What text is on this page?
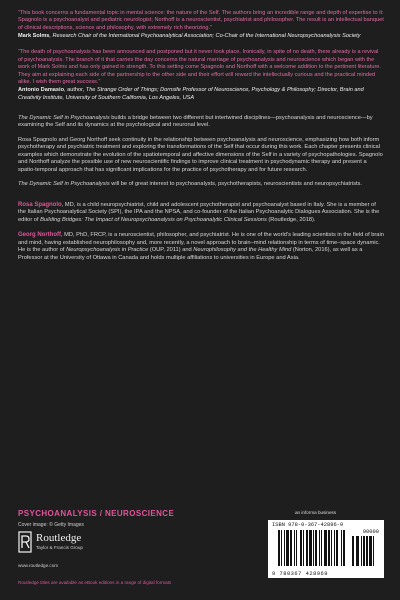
“This book concerns a fundamental topic in mental science: the nature of the Self. The authors bring an incredible range and depth of expertise to it: Spagnolo is a psychoanalyst and pediatric neurologist; Northoff is a neuroscientist, psychiatrist and philosopher. The result is an intellectual banquet of clinical descriptions, science and philosophy, with extremely rich theorizing.”

Mark Solms, Research Chair of the International Psychoanalytical Association; Co-Chair of the International Neuropsychoanalysis Society

“The death of psychoanalysis has been announced and postponed but it never took place. Ironically, in spite of no death, there already is a revival of psychoanalysis. The branch of it that carries the day concerns the natural marriage of psychoanalysis and neuroscience which began with the work of Mark Solms and has only gained in strength. To this setting come Spagnolo and Northoff with a welcome addition to the pertinent literature. They aim at explaining each side of the partnership to the other side and their effort will reward the intellectually curious and the practical minded alike. I wish them great success.”

Antonio Damasio, author, The Strange Order of Things; Dornsife Professor of Neuroscience, Psychology & Philosophy; Director, Brain and Creativity Institute, University of Southern California, Los Angeles, USA

The Dynamic Self in Psychoanalysis builds a bridge between two different but intertwined disciplines—psychoanalysis and neuroscience—by examining the Self and its dynamics at the psychological and neuronal level.

Rosa Spagnolo and Georg Northoff seek continuity in the relationship between psychoanalysis and neuroscience, emphasizing how both inform psychotherapy and psychiatric treatment and exploring the transformations of the Self that occur during this work. Each chapter presents clinical examples which demonstrate the evolution of the spatiotemporal and affective dimensions of the Self in a variety of psychopathologies. Spagnolo and Northoff analyze the possible use of new neuroscientific findings to improve clinical treatment in psychodynamic therapy and present a spatio-temporal approach that has significant implications for the practice of psychotherapy and for future research.

The Dynamic Self in Psychoanalysis will be of great interest to psychoanalysts, psychotherapists, neuroscientists and neuropsychiatrists.

Rosa Spagnolo, MD, is a child neuropsychiatrist, child and adolescent psychotherapist and psychoanalyst based in Italy. She is a member of the Italian Psychoanalytical Society (SPI), the IPA and the NPSA, and co-founder of the Italian Psychoanalytic Dialogues Association. She is the editor of Building Bridges: The Impact of Neuropsychoanalysis on Psychoanalytic Clinical Sessions (Routledge, 2018).

Georg Northoff, MD, PhD, FRCP, is a neuroscientist, philosopher, and psychiatrist. He is one of the world’s leading scientists in the field of brain and mind, having established neurophilosophy and, more recently, a novel approach to brain–mind relationship in terms of time–space dynamic. He is the author of Neuropsychoanalysis in Practice (OUP, 2011) and Neurophilosophy and the Healthy Mind (Norton, 2016), as well as a Professor at the University of Ottawa in Canada and holds multiple affiliations to universities in Europe and Asia.

PSYCHOANALYSIS / NEUROSCIENCE
Cover image: © Getty Images
Routledge
Taylor & Francis Group
www.routledge.com
Routledge titles are available as eBook editions in a range of digital formats
an informa business
ISBN 978-0-367-42896-9
90000
9 780367 428969
